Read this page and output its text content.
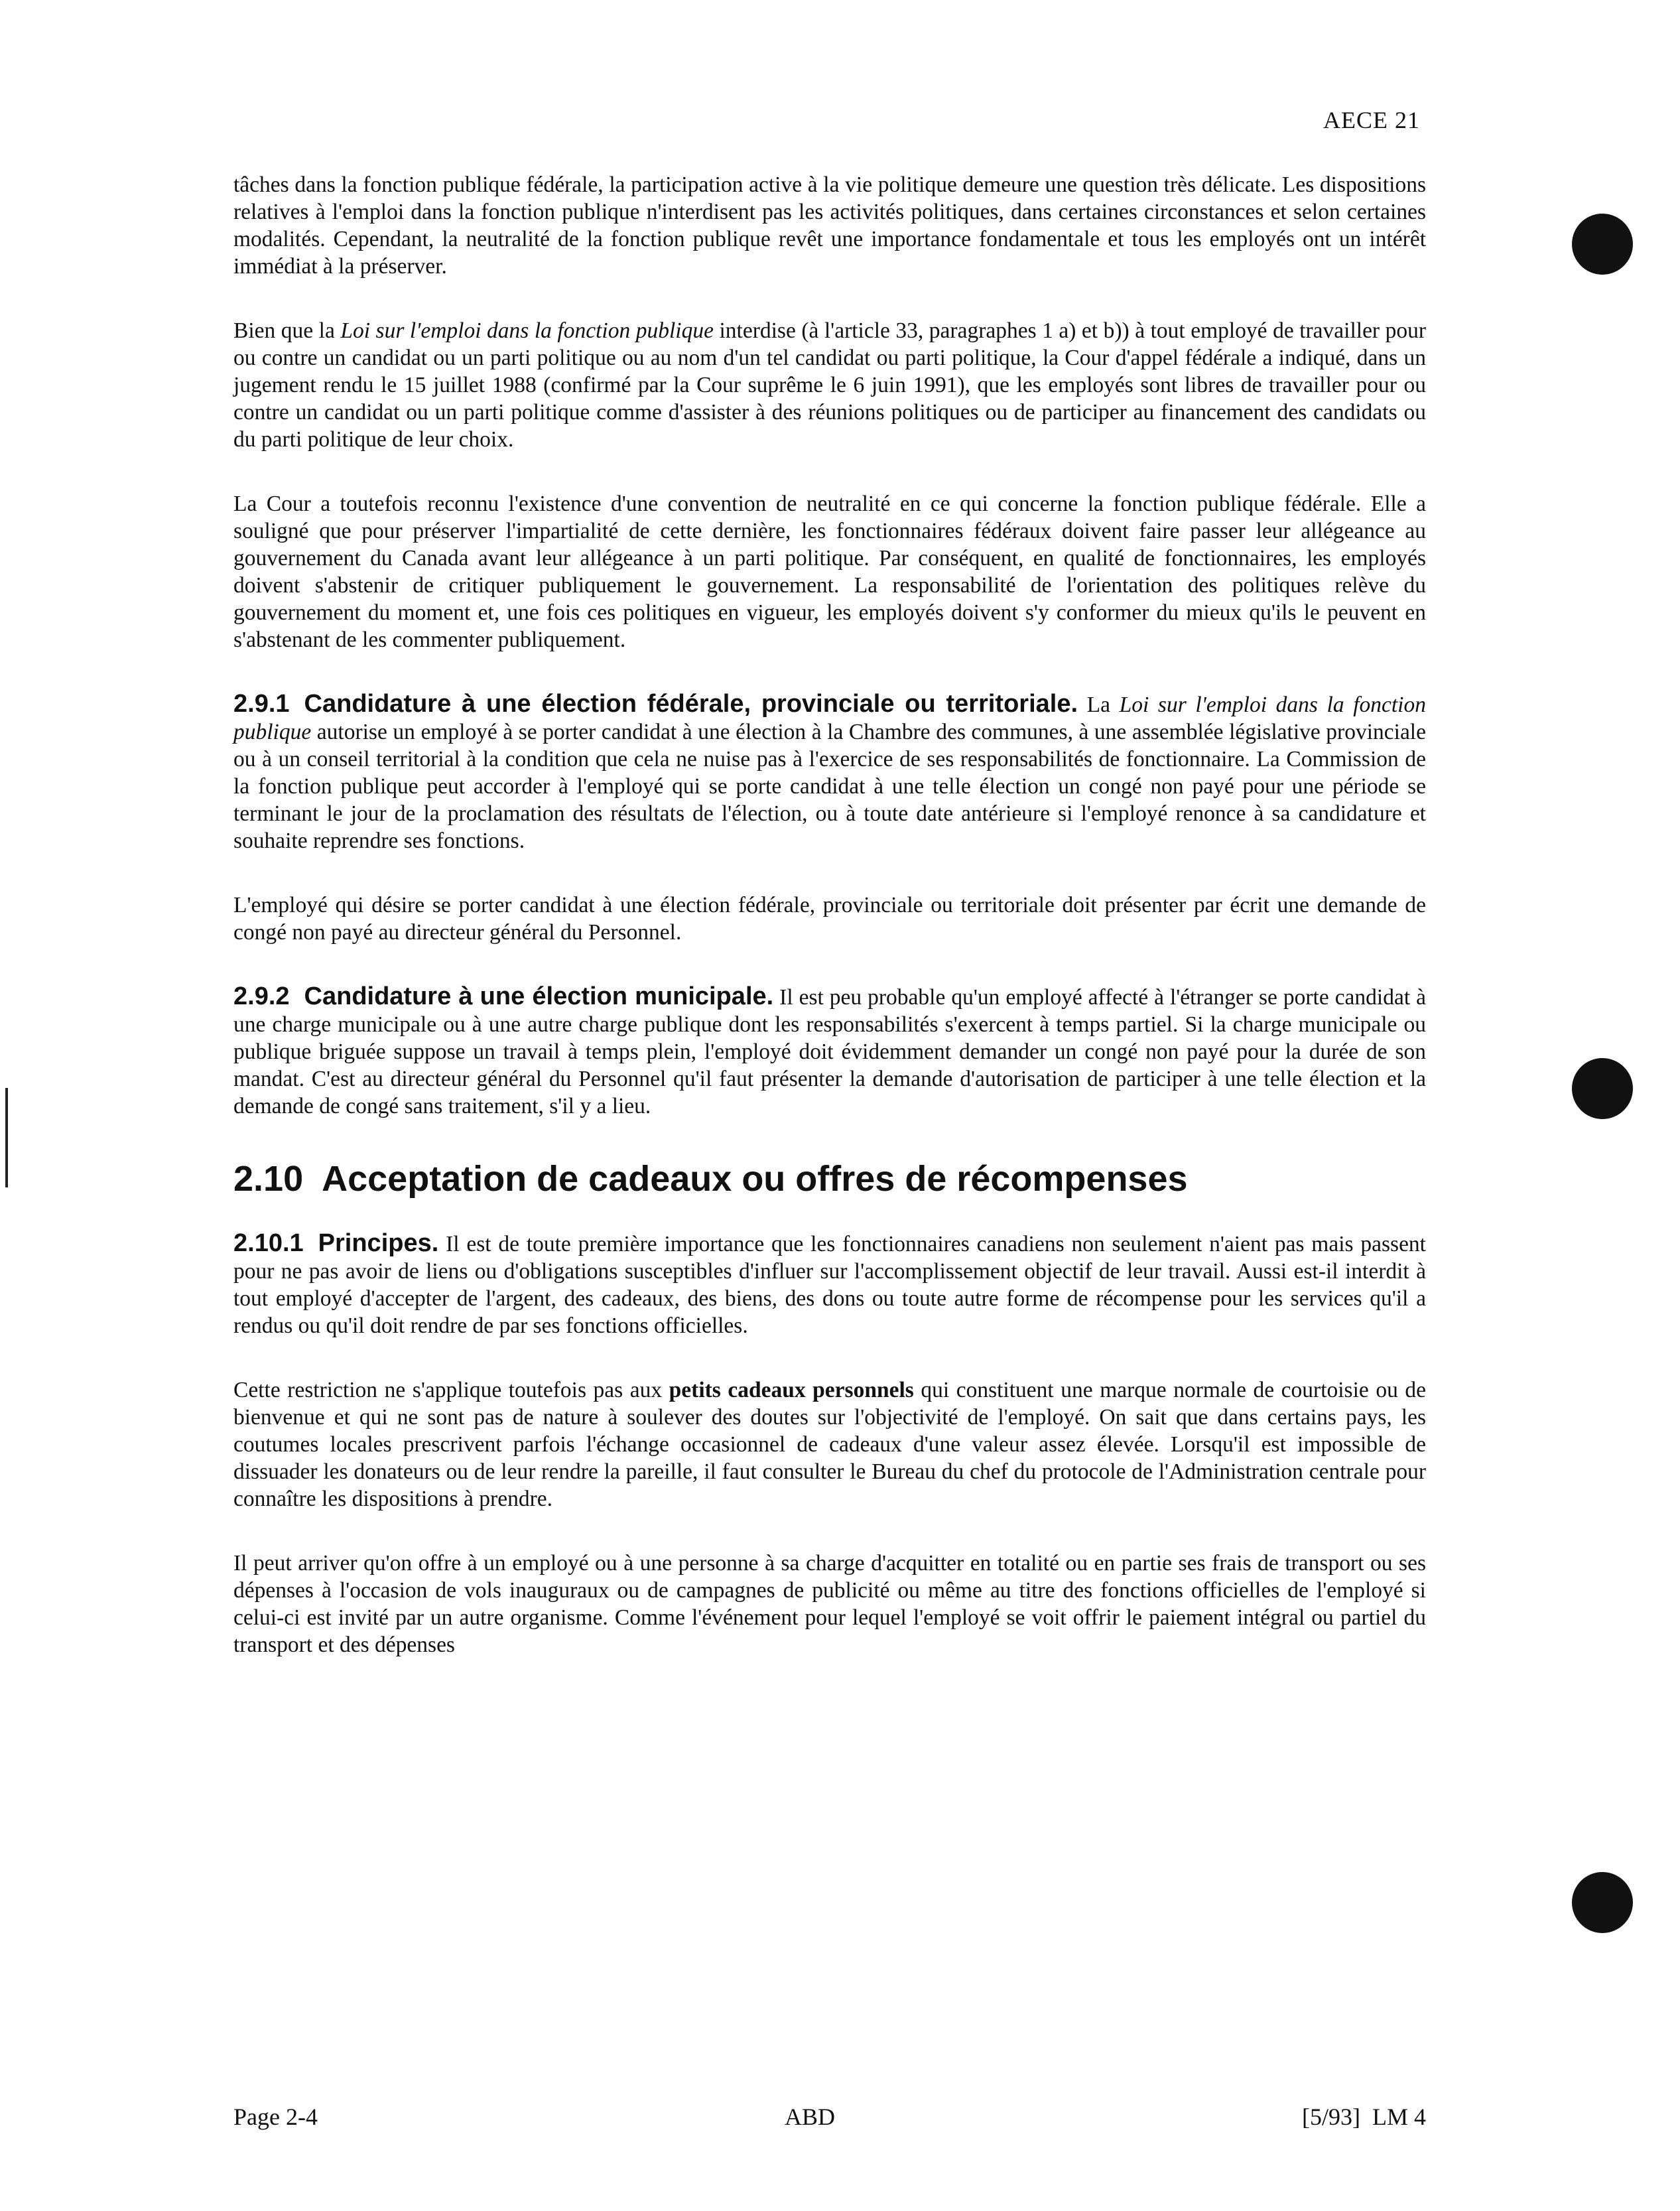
AECE 21

tâches dans la fonction publique fédérale, la participation active à la vie politique demeure une question très délicate. Les dispositions relatives à l'emploi dans la fonction publique n'interdisent pas les activités politiques, dans certaines circonstances et selon certaines modalités. Cependant, la neutralité de la fonction publique revêt une importance fondamentale et tous les employés ont un intérêt immédiat à la préserver.

Bien que la Loi sur l'emploi dans la fonction publique interdise (à l'article 33, paragraphes 1 a) et b)) à tout employé de travailler pour ou contre un candidat ou un parti politique ou au nom d'un tel candidat ou parti politique, la Cour d'appel fédérale a indiqué, dans un jugement rendu le 15 juillet 1988 (confirmé par la Cour suprême le 6 juin 1991), que les employés sont libres de travailler pour ou contre un candidat ou un parti politique comme d'assister à des réunions politiques ou de participer au financement des candidats ou du parti politique de leur choix.

La Cour a toutefois reconnu l'existence d'une convention de neutralité en ce qui concerne la fonction publique fédérale. Elle a souligné que pour préserver l'impartialité de cette dernière, les fonctionnaires fédéraux doivent faire passer leur allégeance au gouvernement du Canada avant leur allégeance à un parti politique. Par conséquent, en qualité de fonctionnaires, les employés doivent s'abstenir de critiquer publiquement le gouvernement. La responsabilité de l'orientation des politiques relève du gouvernement du moment et, une fois ces politiques en vigueur, les employés doivent s'y conformer du mieux qu'ils le peuvent en s'abstenant de les commenter publiquement.

2.9.1 Candidature à une élection fédérale, provinciale ou territoriale. La Loi sur l'emploi dans la fonction publique autorise un employé à se porter candidat à une élection à la Chambre des communes, à une assemblée législative provinciale ou à un conseil territorial à la condition que cela ne nuise pas à l'exercice de ses responsabilités de fonctionnaire. La Commission de la fonction publique peut accorder à l'employé qui se porte candidat à une telle élection un congé non payé pour une période se terminant le jour de la proclamation des résultats de l'élection, ou à toute date antérieure si l'employé renonce à sa candidature et souhaite reprendre ses fonctions.

L'employé qui désire se porter candidat à une élection fédérale, provinciale ou territoriale doit présenter par écrit une demande de congé non payé au directeur général du Personnel.

2.9.2 Candidature à une élection municipale. Il est peu probable qu'un employé affecté à l'étranger se porte candidat à une charge municipale ou à une autre charge publique dont les responsabilités s'exercent à temps partiel. Si la charge municipale ou publique briguée suppose un travail à temps plein, l'employé doit évidemment demander un congé non payé pour la durée de son mandat. C'est au directeur général du Personnel qu'il faut présenter la demande d'autorisation de participer à une telle élection et la demande de congé sans traitement, s'il y a lieu.

2.10 Acceptation de cadeaux ou offres de récompenses

2.10.1 Principes. Il est de toute première importance que les fonctionnaires canadiens non seulement n'aient pas mais passent pour ne pas avoir de liens ou d'obligations susceptibles d'influer sur l'accomplissement objectif de leur travail. Aussi est-il interdit à tout employé d'accepter de l'argent, des cadeaux, des biens, des dons ou toute autre forme de récompense pour les services qu'il a rendus ou qu'il doit rendre de par ses fonctions officielles.

Cette restriction ne s'applique toutefois pas aux petits cadeaux personnels qui constituent une marque normale de courtoisie ou de bienvenue et qui ne sont pas de nature à soulever des doutes sur l'objectivité de l'employé. On sait que dans certains pays, les coutumes locales prescrivent parfois l'échange occasionnel de cadeaux d'une valeur assez élevée. Lorsqu'il est impossible de dissuader les donateurs ou de leur rendre la pareille, il faut consulter le Bureau du chef du protocole de l'Administration centrale pour connaître les dispositions à prendre.

Il peut arriver qu'on offre à un employé ou à une personne à sa charge d'acquitter en totalité ou en partie ses frais de transport ou ses dépenses à l'occasion de vols inauguraux ou de campagnes de publicité ou même au titre des fonctions officielles de l'employé si celui-ci est invité par un autre organisme. Comme l'événement pour lequel l'employé se voit offrir le paiement intégral ou partiel du transport et des dépenses

Page 2-4	ABD	[5/93]  LM 4
